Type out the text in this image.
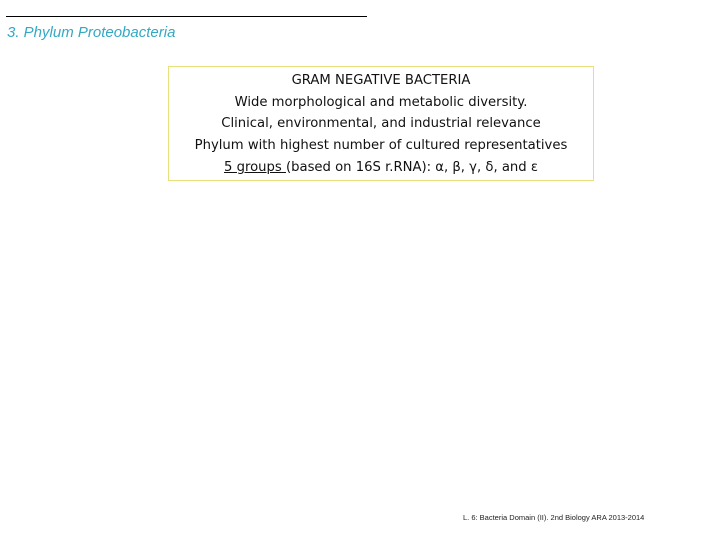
3. Phylum Proteobacteria
GRAM NEGATIVE BACTERIA
Wide morphological and metabolic diversity.
Clinical, environmental, and industrial relevance
Phylum with highest number of cultured representatives
5 groups (based on 16S r.RNA): α, β, γ, δ, and ε
L. 6: Bacteria Domain (II). 2nd Biology ARA 2013-2014
